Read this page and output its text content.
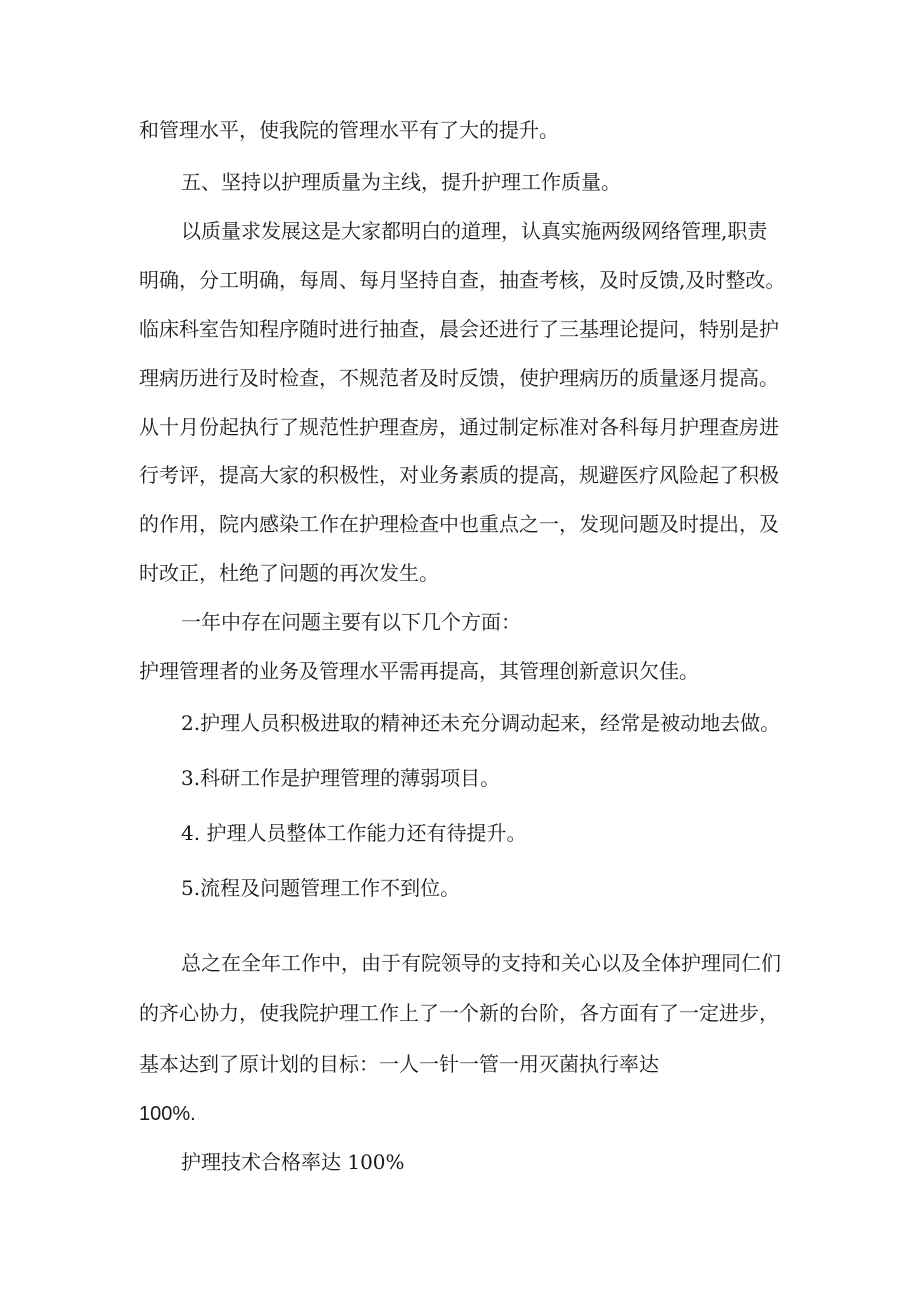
和管理水平，使我院的管理水平有了大的提升。
五、坚持以护理质量为主线，提升护理工作质量。
以质量求发展这是大家都明白的道理，认真实施两级网络管理,职责
明确，分工明确，每周、每月坚持自查，抽查考核，及时反馈,及时整改。
临床科室告知程序随时进行抽查，晨会还进行了三基理论提问，特别是护
理病历进行及时检查，不规范者及时反馈，使护理病历的质量逐月提高。
从十月份起执行了规范性护理查房，通过制定标准对各科每月护理查房进
行考评，提高大家的积极性，对业务素质的提高，规避医疗风险起了积极
的作用，院内感染工作在护理检查中也重点之一，发现问题及时提出，及
时改正，杜绝了问题的再次发生。
一年中存在问题主要有以下几个方面：
护理管理者的业务及管理水平需再提高，其管理创新意识欠佳。
2.护理人员积极进取的精神还未充分调动起来，经常是被动地去做。
3.科研工作是护理管理的薄弱项目。
4. 护理人员整体工作能力还有待提升。
5.流程及问题管理工作不到位。
总之在全年工作中，由于有院领导的支持和关心以及全体护理同仁们
的齐心协力，使我院护理工作上了一个新的台阶，各方面有了一定进步，
基本达到了原计划的目标：一人一针一管一用灭菌执行率达
100%.
护理技术合格率达 100%
